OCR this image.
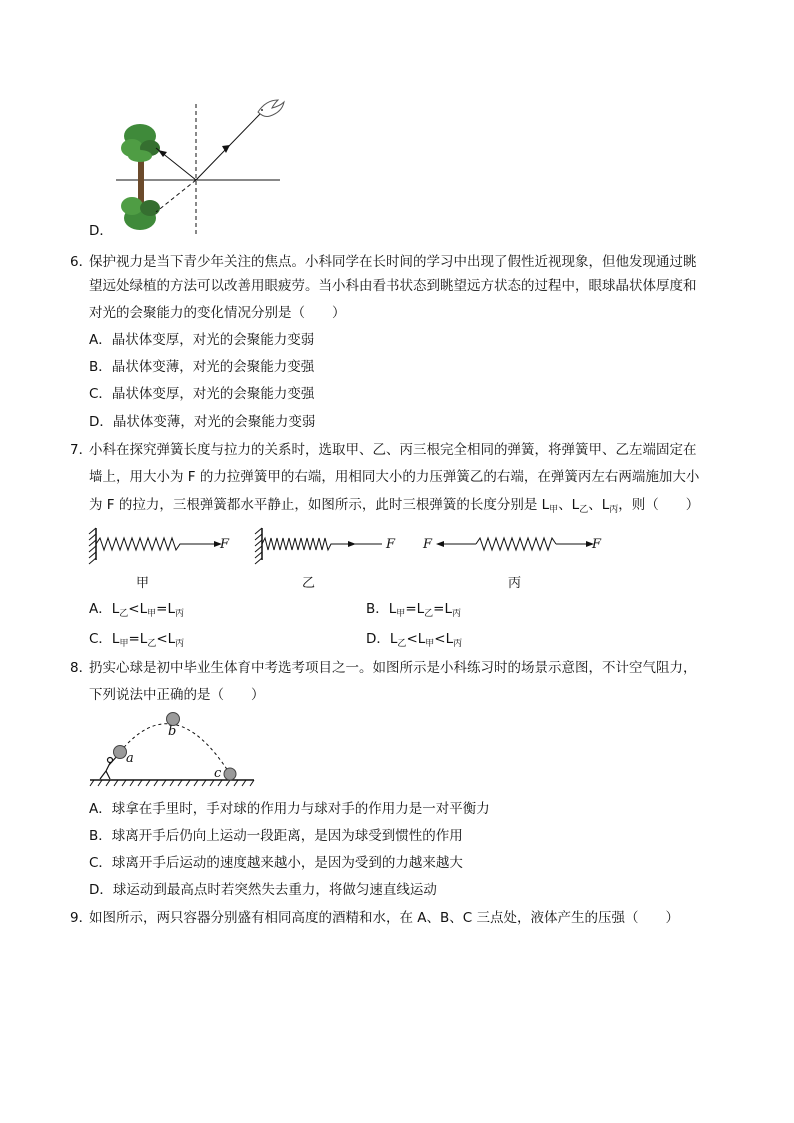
D．
6．
保护视力是当下青少年关注的焦点。小科同学在长时间的学习中出现了假性近视现象，但他发现通过眺
望远处绿植的方法可以改善用眼疲劳。当小科由看书状态到眺望远方状态的过程中，眼球晶状体厚度和
对光的会聚能力的变化情况分别是（　　）
A．晶状体变厚，对光的会聚能力变弱
B．晶状体变薄，对光的会聚能力变强
C．晶状体变厚，对光的会聚能力变强
D．晶状体变薄，对光的会聚能力变弱
7．
小科在探究弹簧长度与拉力的关系时，选取甲、乙、丙三根完全相同的弹簧，将弹簧甲、乙左端固定在
墙上，用大小为 F 的力拉弹簧甲的右端，用相同大小的力压弹簧乙的右端，在弹簧丙左右两端施加大小
为 F 的拉力，三根弹簧都水平静止，如图所示，此时三根弹簧的长度分别是 $L_甲$、$L_乙$、$L_丙$，则（　　）
F	F F	F
甲	乙	丙
A．$L_乙<L_甲=L_丙$	B．$L_甲=L_乙=L_丙$
C．$L_甲=L_乙<L_丙$	D．$L_乙<L_甲<L_丙$
8．
扔实心球是初中毕业生体育中考选考项目之一。如图所示是小科练习时的场景示意图，不计空气阻力，
下列说法中正确的是（　　）
a
b
c
A．球拿在手里时，手对球的作用力与球对手的作用力是一对平衡力
B．球离开手后仍向上运动一段距离，是因为球受到惯性的作用
C．球离开手后运动的速度越来越小，是因为受到的力越来越大
D．球运动到最高点时若突然失去重力，将做匀速直线运动
9．
如图所示，两只容器分别盛有相同高度的酒精和水，在 A、B、C 三点处，液体产生的压强（　　）
